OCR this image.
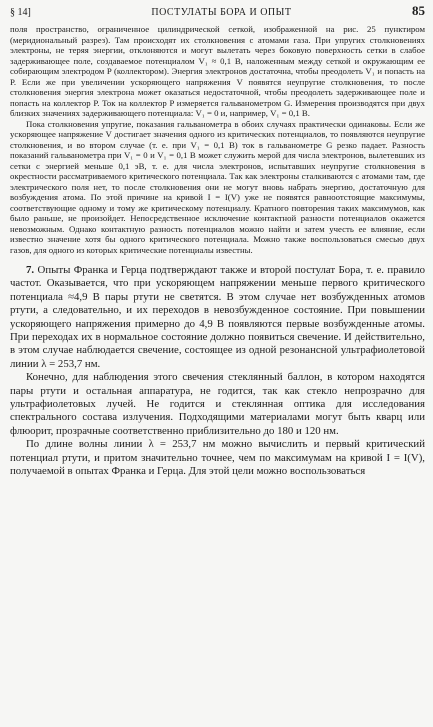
§ 14]	ПОСТУЛАТЫ БОРА И ОПЫТ	85

поля пространство, ограниченное цилиндрической сеткой, изображенной на рис. 25 пунктиром (меридиональный разрез). Там происходят их столкновения с атомами газа. При упругих столкновениях электроны, не теряя энергии, отклоняются и могут вылетать через боковую поверхность сетки в слабое задерживающее поле, создаваемое потенциалом V₁ ≈ 0,1 В, наложенным между сеткой и окружающим ее собирающим электродом P (коллектором). Энергия электронов достаточна, чтобы преодолеть V₁ и попасть на P. Если же при увеличении ускоряющего напряжения V появятся неупругие столкновения, то после столкновения энергия электрона может оказаться недостаточной, чтобы преодолеть задерживающее поле и попасть на коллектор P. Ток на коллектор P измеряется гальванометром G. Измерения производятся при двух близких значениях задерживающего потенциала: V₁ = 0 и, например, V₁ = 0,1 В.

Пока столкновения упругие, показания гальванометра в обоих случаях практически одинаковы. Если же ускоряющее напряжение V достигает значения одного из критических потенциалов, то появляются неупругие столкновения, и во втором случае (т. е. при V₁ = 0,1 В) ток в гальванометре G резко падает. Разность показаний гальванометра при V₁ = 0 и V₁ = 0,1 В может служить мерой для числа электронов, вылетевших из сетки с энергией меньше 0,1 эВ, т. е. для числа электронов, испытавших неупругие столкновения в окрестности рассматриваемого критического потенциала. Так как электроны сталкиваются с атомами там, где электрического поля нет, то после столкновения они не могут вновь набрать энергию, достаточную для возбуждения атома. По этой причине на кривой I = I(V) уже не появятся равноотстоящие максимумы, соответствующие одному и тому же критическому потенциалу. Кратного повторения таких максимумов, как было раньше, не произойдет. Непосредственное исключение контактной разности потенциалов окажется невозможным. Однако контактную разность потенциалов можно найти и затем учесть ее влияние, если известно значение хотя бы одного критического потенциала. Можно также воспользоваться смесью двух газов, для одного из которых критические потенциалы известны.

7. Опыты Франка и Герца подтверждают также и второй постулат Бора, т. е. правило частот. Оказывается, что при ускоряющем напряжении меньше первого критического потенциала ≈4,9 В пары ртути не светятся. В этом случае нет возбужденных атомов ртути, а следовательно, и их переходов в невозбужденное состояние. При повышении ускоряющего напряжения примерно до 4,9 В появляются первые возбужденные атомы. При переходах их в нормальное состояние должно появиться свечение. И действительно, в этом случае наблюдается свечение, состоящее из одной резонансной ультрафиолетовой линии λ = 253,7 нм.

Конечно, для наблюдения этого свечения стеклянный баллон, в котором находятся пары ртути и остальная аппаратура, не годится, так как стекло непрозрачно для ультрафиолетовых лучей. Не годится и стеклянная оптика для исследования спектрального состава излучения. Подходящими материалами могут быть кварц или флюорит, прозрачные соответственно приблизительно до 180 и 120 нм.

По длине волны линии λ = 253,7 нм можно вычислить и первый критический потенциал ртути, и притом значительно точнее, чем по максимумам на кривой I = I(V), получаемой в опытах Франка и Герца. Для этой цели можно воспользоваться
